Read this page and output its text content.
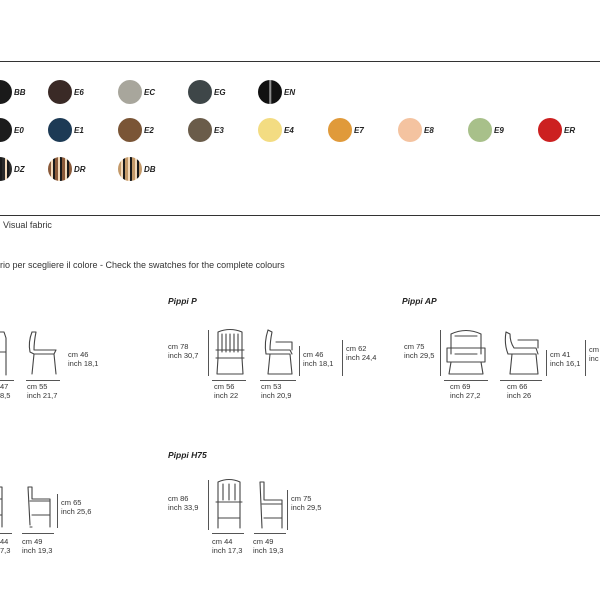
BB	E6	EC	EG	EN
E0	E1	E2	E3	E4	E7	E8	E9	ER
DZ	DR	DB
Visual fabric
rio per scegliere il colore - Check the swatches for the complete colours
cm 46
inch 18,1
47
8,5
cm 55
inch 21,7
Pippi P
cm 78
inch 30,7	cm 46
inch 18,1
cm 62
inch 24,4
cm 56
inch 22
cm 53
inch 20,9
Pippi AP
cm 75
inch 29,5	cm 41
inch 16,1
cm
inc
cm 69
inch 27,2
cm 66
inch 26
cm 65
inch 25,6
44
7,3
cm 49
inch 19,3
Pippi H75
cm 86
inch 33,9
cm 75
inch 29,5
cm 44
inch 17,3
cm 49
inch 19,3
